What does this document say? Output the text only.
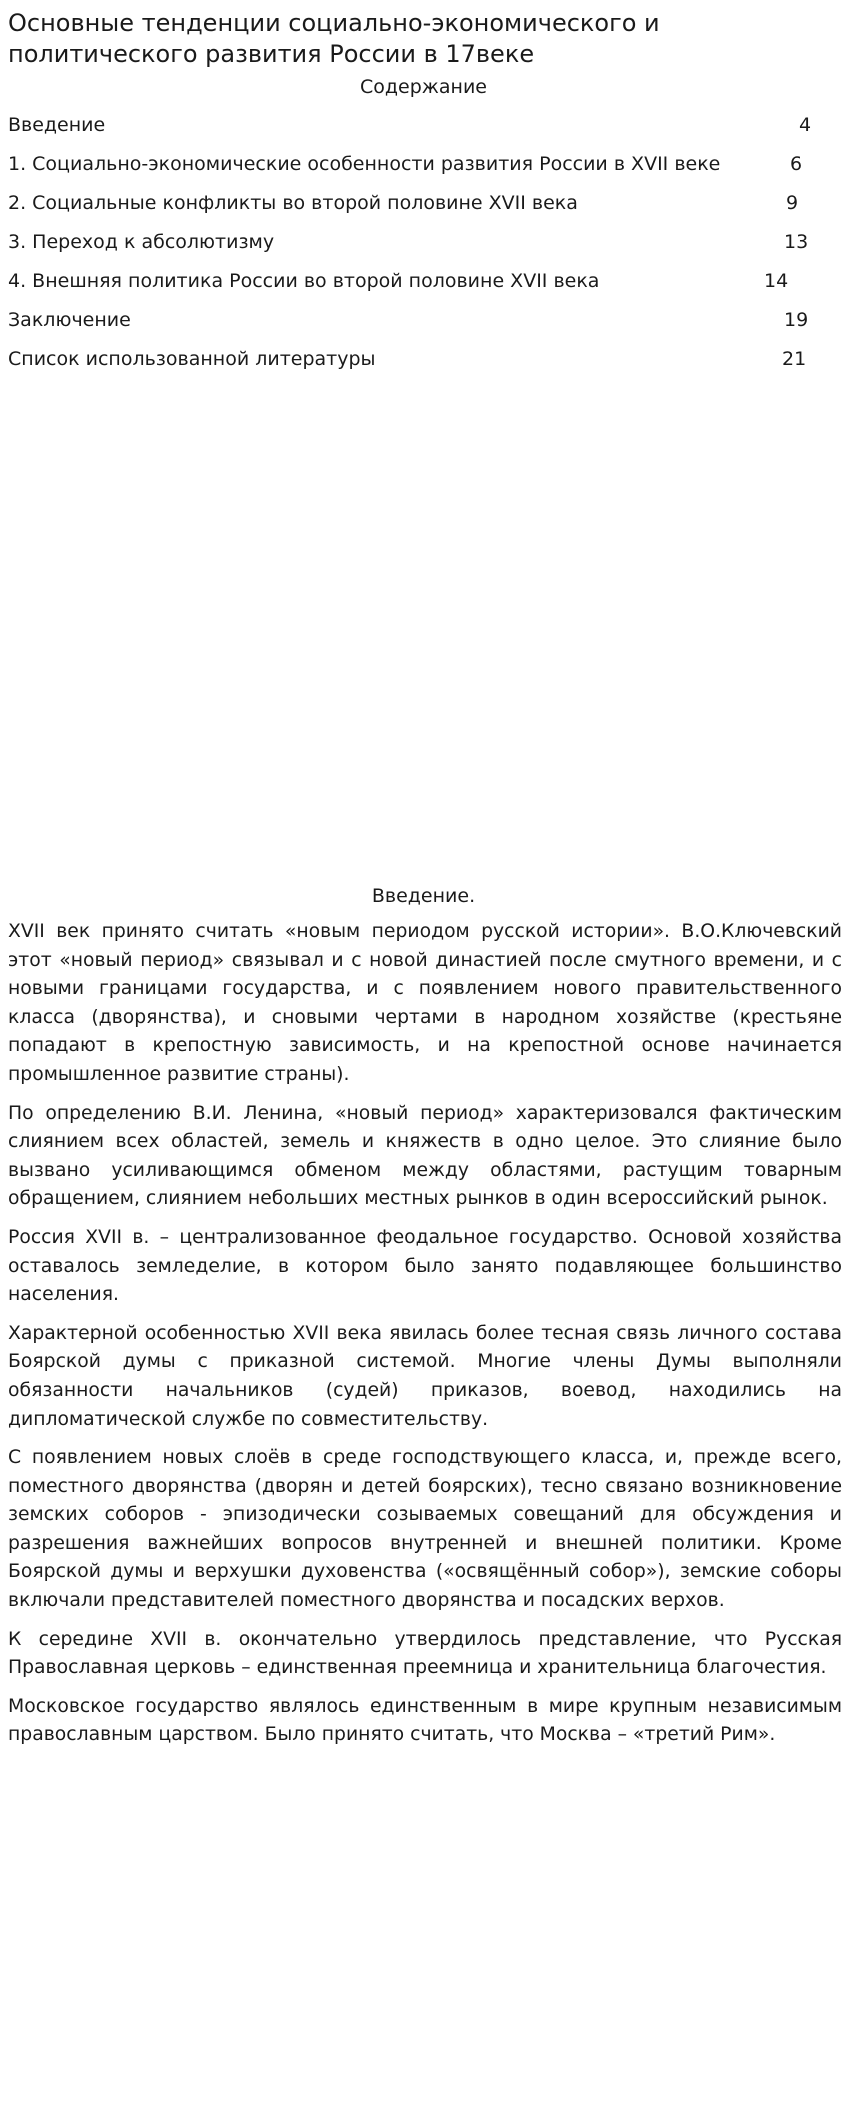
Основные тенденции социально-экономического и политического развития России в 17веке
Содержание
Введение	4
1. Социально-экономические особенности развития России в XVII веке	6
2. Социальные конфликты во второй половине XVII века	9
3. Переход к абсолютизму	13
4. Внешняя политика России во второй половине XVII века	14
Заключение	19
Список использованной литературы	21
Введение.

XVII век принято считать «новым периодом русской истории». В.О.Ключевский этот «новый период» связывал и с новой династией после смутного времени, и с новыми границами государства, и с появлением нового правительственного класса (дворянства), и сновыми чертами в народном хозяйстве (крестьяне попадают в крепостную зависимость, и на крепостной основе начинается промышленное развитие страны).

По определению В.И. Ленина, «новый период» характеризовался фактическим слиянием всех областей, земель и княжеств в одно целое. Это слияние было вызвано усиливающимся обменом между областями, растущим товарным обращением, слиянием небольших местных рынков в один всероссийский рынок.

Россия XVII в. – централизованное феодальное государство. Основой хозяйства оставалось земледелие, в котором было занято подавляющее большинство населения.

Характерной особенностью XVII века явилась более тесная связь личного состава Боярской думы с приказной системой. Многие члены Думы выполняли обязанности начальников (судей) приказов, воевод, находились на дипломатической службе по совместительству.

С появлением новых слоёв в среде господствующего класса, и, прежде всего, поместного дворянства (дворян и детей боярских), тесно связано возникновение земских соборов - эпизодически созываемых совещаний для обсуждения и разрешения важнейших вопросов внутренней и внешней политики. Кроме Боярской думы и верхушки духовенства («освящённый собор»), земские соборы включали представителей поместного дворянства и посадских верхов.

К середине XVII в. окончательно утвердилось представление, что Русская Православная церковь – единственная преемница и хранительница благочестия.

Московское государство являлось единственным в мире крупным независимым православным царством. Было принято считать, что Москва – «третий Рим».
